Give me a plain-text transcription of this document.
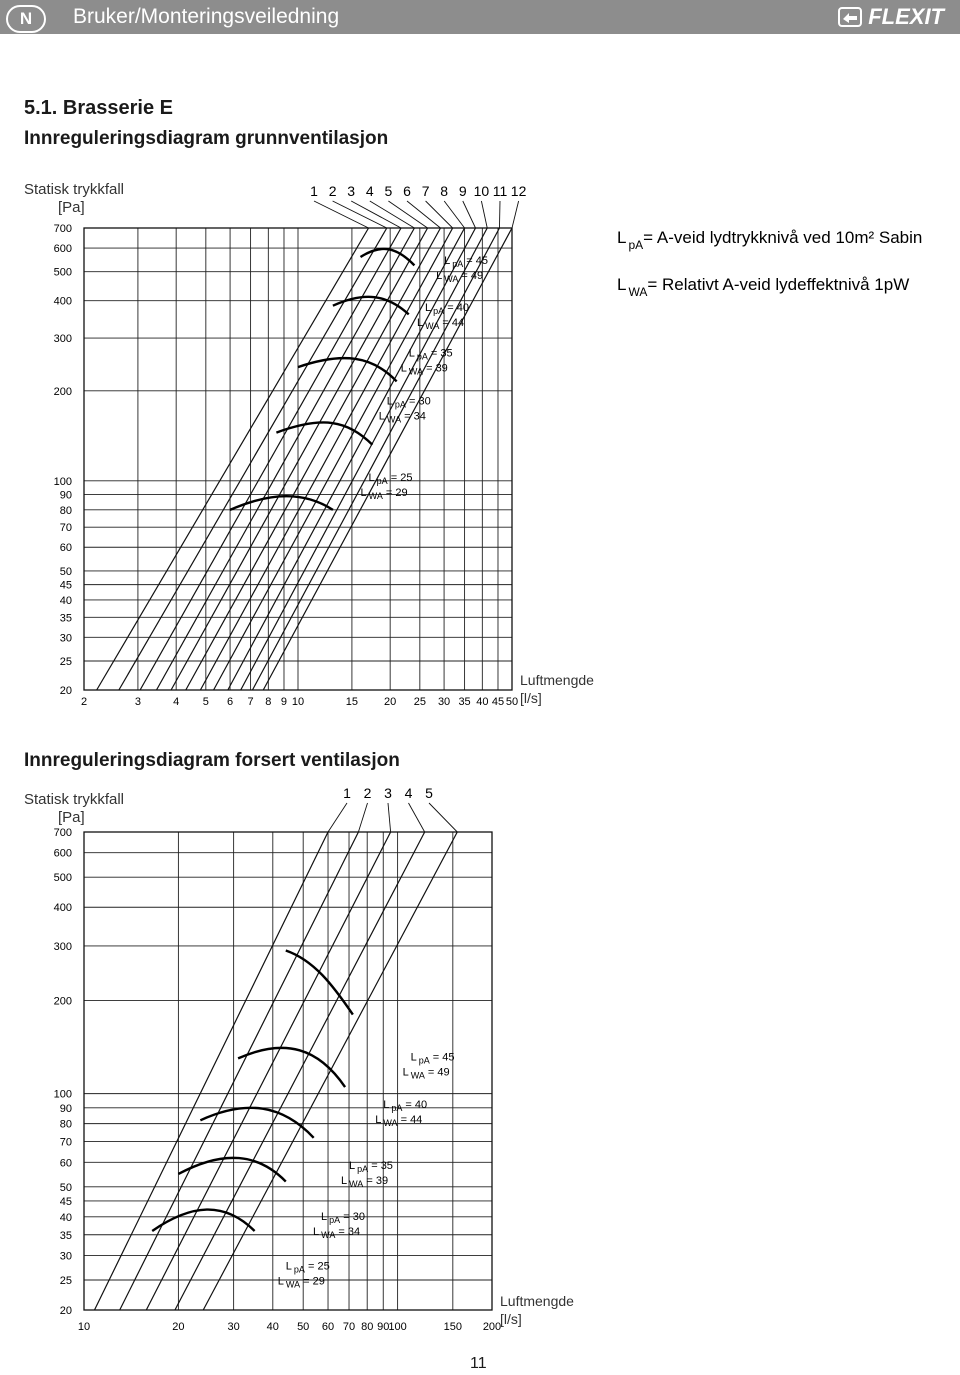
N	Bruker/Monteringsveiledning	FLEXIT
5.1. Brasserie E
Innreguleringsdiagram grunnventilasjon
Innreguleringsdiagram forsert ventilasjon
Statisk trykkfall
[Pa]
2	3	4 5 6 7 8 9 10	15 20 25 30 35 40 45 50
20
25
30
35
40
45
50
60
70
80
90
100
200
300
400
500
600
700
1 2 3 4 5 6 7 8 9 10 11 12
L $_{pA}$ = 30
L $_{WA}$ = 34
L $_{pA}$ = 25
L $_{WA}$ = 29
L $_{pA}$ = 35
L $_{WA}$ = 39
L $_{pA}$ = 40
L $_{WA}$ = 44
L $_{pA}$ = 45
L $_{WA}$ = 49
Luftmengde
[l/s]
Statisk trykkfall
[Pa]
10	20	30 40 50 60 70 80 90 100	150 200
20
25
30
35
40
45
50
60
70
80
90
100
200
300
400
500
600
700
1 2 3 4 5
L $_{pA}$ = 45
L $_{WA}$ = 49
L $_{pA}$ = 40
L $_{WA}$ = 44
L $_{pA}$ = 35
L $_{WA}$ = 39
L $_{pA}$ = 30
L $_{WA}$ = 34
L $_{pA}$ = 25
L $_{WA}$ = 29
Luftmengde
[l/s]
L $_{pA}$= A-veid lydtrykknivå ved 10m² Sabin
L $_{WA}$= Relativt A-veid lydeffektnivå 1pW
11
